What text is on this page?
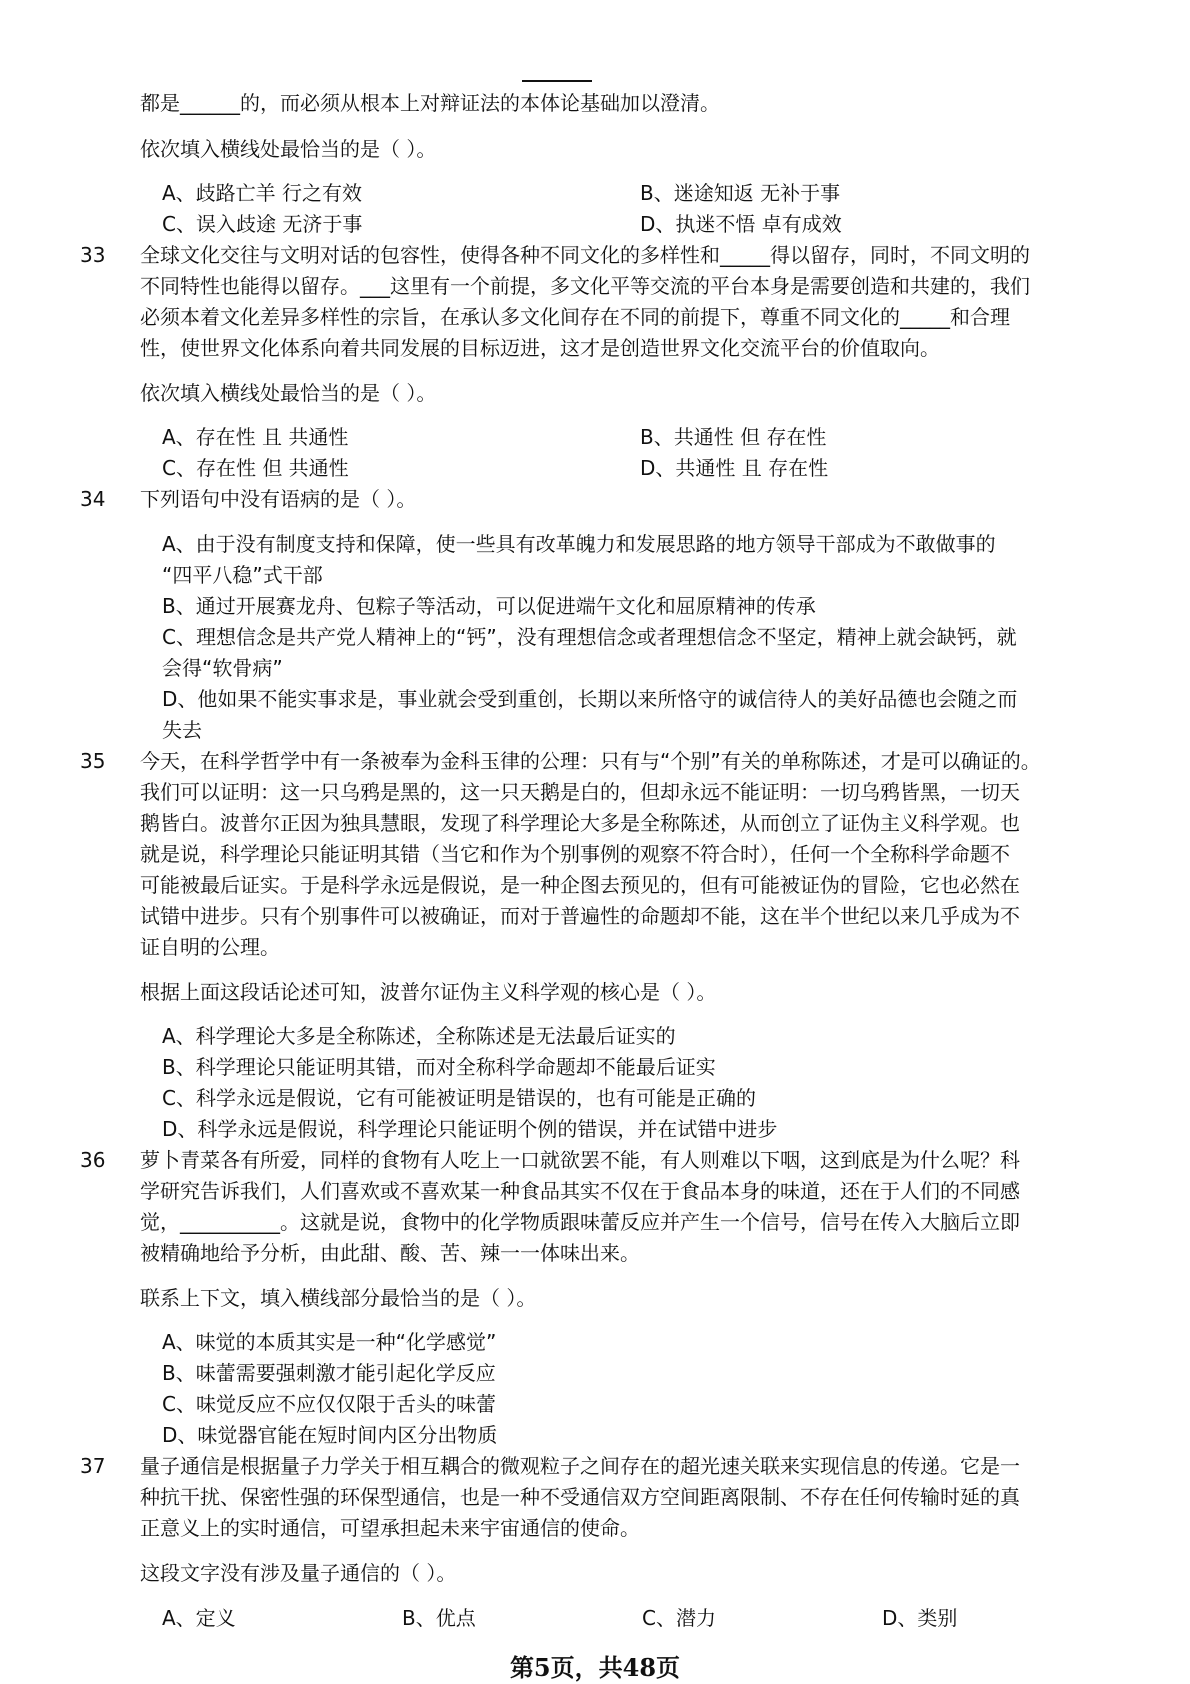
都是______的，而必须从根本上对辩证法的本体论基础加以澄清。
依次填入横线处最恰当的是（ ）。
A、歧路亡羊 行之有效	B、迷途知返 无补于事
C、误入歧途 无济于事	D、执迷不悟 卓有成效
33 全球文化交往与文明对话的包容性，使得各种不同文化的多样性和_____得以留存，同时，不同文明的
不同特性也能得以留存。___这里有一个前提，多文化平等交流的平台本身是需要创造和共建的，我们
必须本着文化差异多样性的宗旨，在承认多文化间存在不同的前提下，尊重不同文化的_____和合理
性，使世界文化体系向着共同发展的目标迈进，这才是创造世界文化交流平台的价值取向。
依次填入横线处最恰当的是（ ）。
A、存在性 且 共通性	B、共通性 但 存在性
C、存在性 但 共通性	D、共通性 且 存在性
34 下列语句中没有语病的是（ ）。
A、由于没有制度支持和保障，使一些具有改革魄力和发展思路的地方领导干部成为不敢做事的
“四平八稳”式干部
B、通过开展赛龙舟、包粽子等活动，可以促进端午文化和屈原精神的传承
C、理想信念是共产党人精神上的“钙”，没有理想信念或者理想信念不坚定，精神上就会缺钙，就
会得“软骨病”
D、他如果不能实事求是，事业就会受到重创，长期以来所恪守的诚信待人的美好品德也会随之而
失去
35 今天，在科学哲学中有一条被奉为金科玉律的公理：只有与“个别”有关的单称陈述，才是可以确证的。
我们可以证明：这一只乌鸦是黑的，这一只天鹅是白的，但却永远不能证明：一切乌鸦皆黑，一切天
鹅皆白。波普尔正因为独具慧眼，发现了科学理论大多是全称陈述，从而创立了证伪主义科学观。也
就是说，科学理论只能证明其错（当它和作为个别事例的观察不符合时），任何一个全称科学命题不
可能被最后证实。于是科学永远是假说，是一种企图去预见的，但有可能被证伪的冒险，它也必然在
试错中进步。只有个别事件可以被确证，而对于普遍性的命题却不能，这在半个世纪以来几乎成为不
证自明的公理。
根据上面这段话论述可知，波普尔证伪主义科学观的核心是（ ）。
A、科学理论大多是全称陈述，全称陈述是无法最后证实的
B、科学理论只能证明其错，而对全称科学命题却不能最后证实
C、科学永远是假说，它有可能被证明是错误的，也有可能是正确的
D、科学永远是假说，科学理论只能证明个例的错误，并在试错中进步
36 萝卜青菜各有所爱，同样的食物有人吃上一口就欲罢不能，有人则难以下咽，这到底是为什么呢？科
学研究告诉我们，人们喜欢或不喜欢某一种食品其实不仅在于食品本身的味道，还在于人们的不同感
觉，__________。这就是说，食物中的化学物质跟味蕾反应并产生一个信号，信号在传入大脑后立即
被精确地给予分析，由此甜、酸、苦、辣一一体味出来。
联系上下文，填入横线部分最恰当的是（ ）。
A、味觉的本质其实是一种“化学感觉”
B、味蕾需要强刺激才能引起化学反应
C、味觉反应不应仅仅限于舌头的味蕾
D、味觉器官能在短时间内区分出物质
37 量子通信是根据量子力学关于相互耦合的微观粒子之间存在的超光速关联来实现信息的传递。它是一
种抗干扰、保密性强的环保型通信，也是一种不受通信双方空间距离限制、不存在任何传输时延的真
正意义上的实时通信，可望承担起未来宇宙通信的使命。
这段文字没有涉及量子通信的（ ）。
A、定义	B、优点	C、潜力	D、类别
第5页，共48页
